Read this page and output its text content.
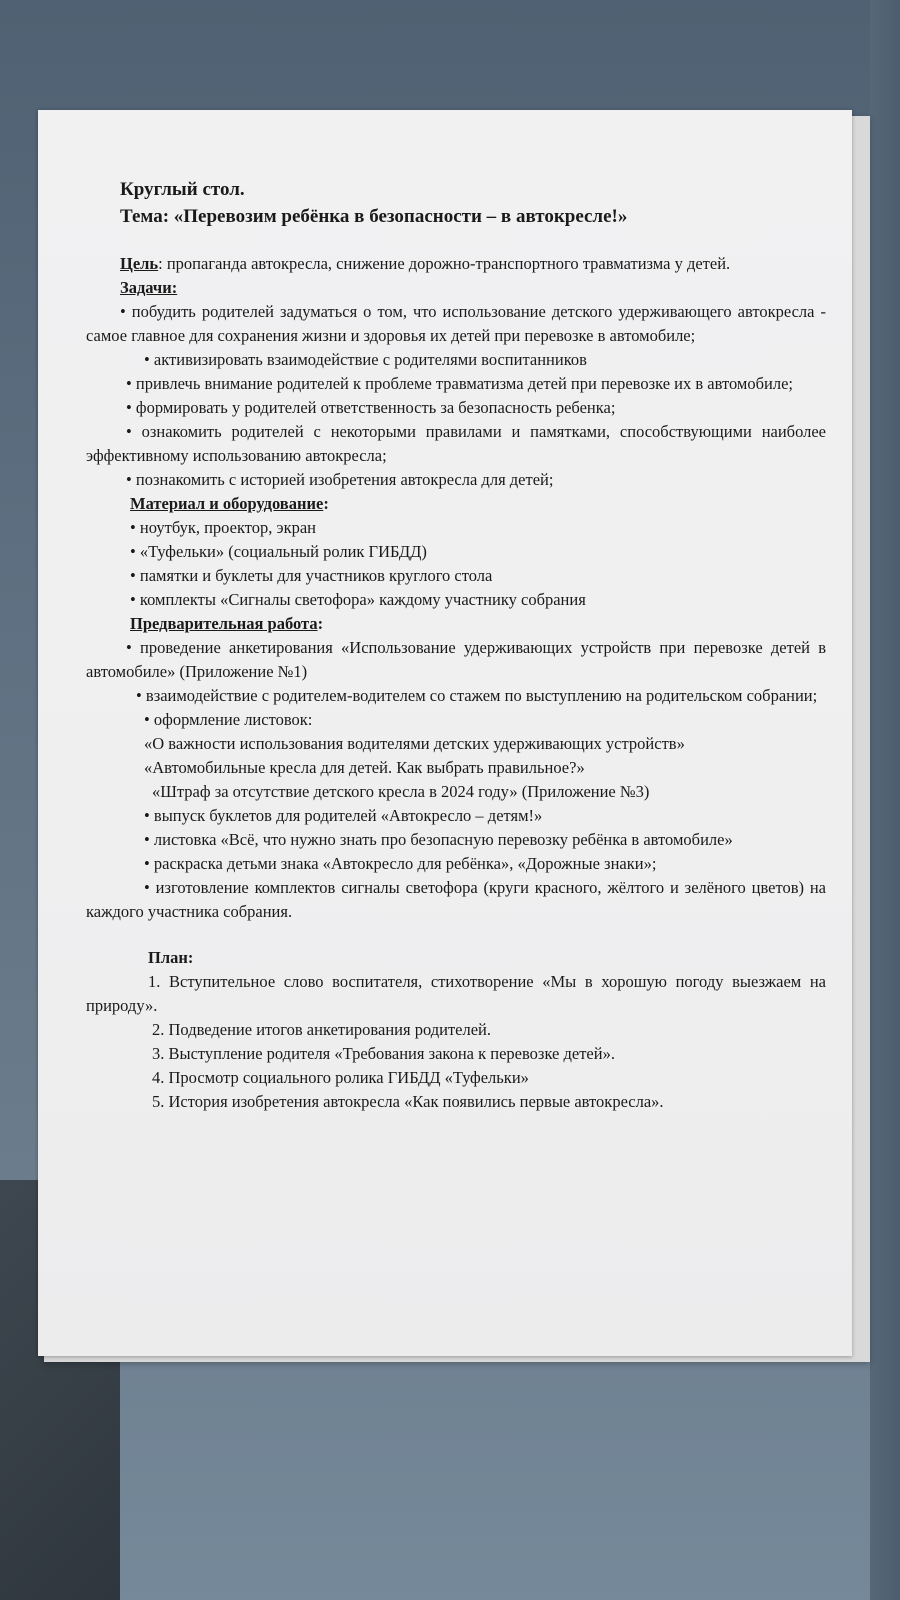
Круглый стол.

Тема: «Перевозим ребёнка в безопасности – в автокресле!»

Цель: пропаганда автокресла, снижение дорожно-транспортного травматизма у детей.

Задачи:

• побудить родителей задуматься о том, что использование детского удерживающего автокресла - самое главное для сохранения жизни и здоровья их детей при перевозке в автомобиле;

• активизировать взаимодействие с родителями воспитанников

• привлечь внимание родителей к проблеме травматизма детей при перевозке их в автомобиле;

• формировать у родителей ответственность за безопасность ребенка;

• ознакомить родителей с некоторыми правилами и памятками, способствующими наиболее эффективному использованию автокресла;

• познакомить с историей изобретения автокресла для детей;

Материал и оборудование:

• ноутбук, проектор, экран

• «Туфельки» (социальный ролик ГИБДД)

• памятки и буклеты для участников круглого стола

• комплекты «Сигналы светофора» каждому участнику собрания

Предварительная работа:

• проведение анкетирования «Использование удерживающих устройств при перевозке детей в автомобиле» (Приложение №1)

• взаимодействие с родителем-водителем со стажем по выступлению на родительском собрании;

• оформление листовок:

«О важности использования водителями детских удерживающих устройств»

«Автомобильные кресла для детей. Как выбрать правильное?»

«Штраф за отсутствие детского кресла в 2024 году» (Приложение №3)

• выпуск буклетов для родителей «Автокресло – детям!»

• листовка «Всё, что нужно знать про безопасную перевозку ребёнка в автомобиле»

• раскраска детьми знака «Автокресло для ребёнка», «Дорожные знаки»;

• изготовление комплектов сигналы светофора (круги красного, жёлтого и зелёного цветов) на каждого участника собрания.

План:

1. Вступительное слово воспитателя, стихотворение «Мы в хорошую погоду выезжаем на природу».

2. Подведение итогов анкетирования родителей.

3. Выступление родителя «Требования закона к перевозке детей».

4. Просмотр социального ролика ГИБДД «Туфельки»

5. История изобретения автокресла «Как появились первые автокресла».
